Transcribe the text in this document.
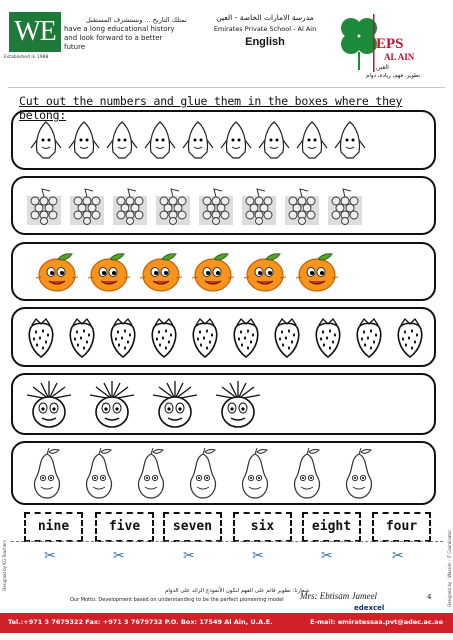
WE
Established in 1988
نمتلك التاريخ ... ونستشرف المستقبل
have a long educational history and look forward to a better future
مدرسة الامارات الخاصة - العين
Emirates Private School - Al Ain
English	EPS
AL AIN
العين
تطوير، فهم، ريادة، دوام
Cut out the numbers and glue them in the boxes where they belong:
nine	five	seven	six	eight	four
✂	✂	✂	✂	✂	✂	Designed by - Wassim - IT Coordinator
Designed by KG Teachers
شعارنا: تطوير قائم على الفهم لنكون الأنموذج الرائد على الدوام
Our Motto: Development based on understanding to be the perfect pioneering model Mrs: Ebtisam Jameel	4
edexcel
Tel.:+971 3 7679322 Fax: +971 3 7679732 P.O. Box: 17549 Al Ain, U.A.E.	E-mail: emiratessaa.pvt@adec.ac.ae
